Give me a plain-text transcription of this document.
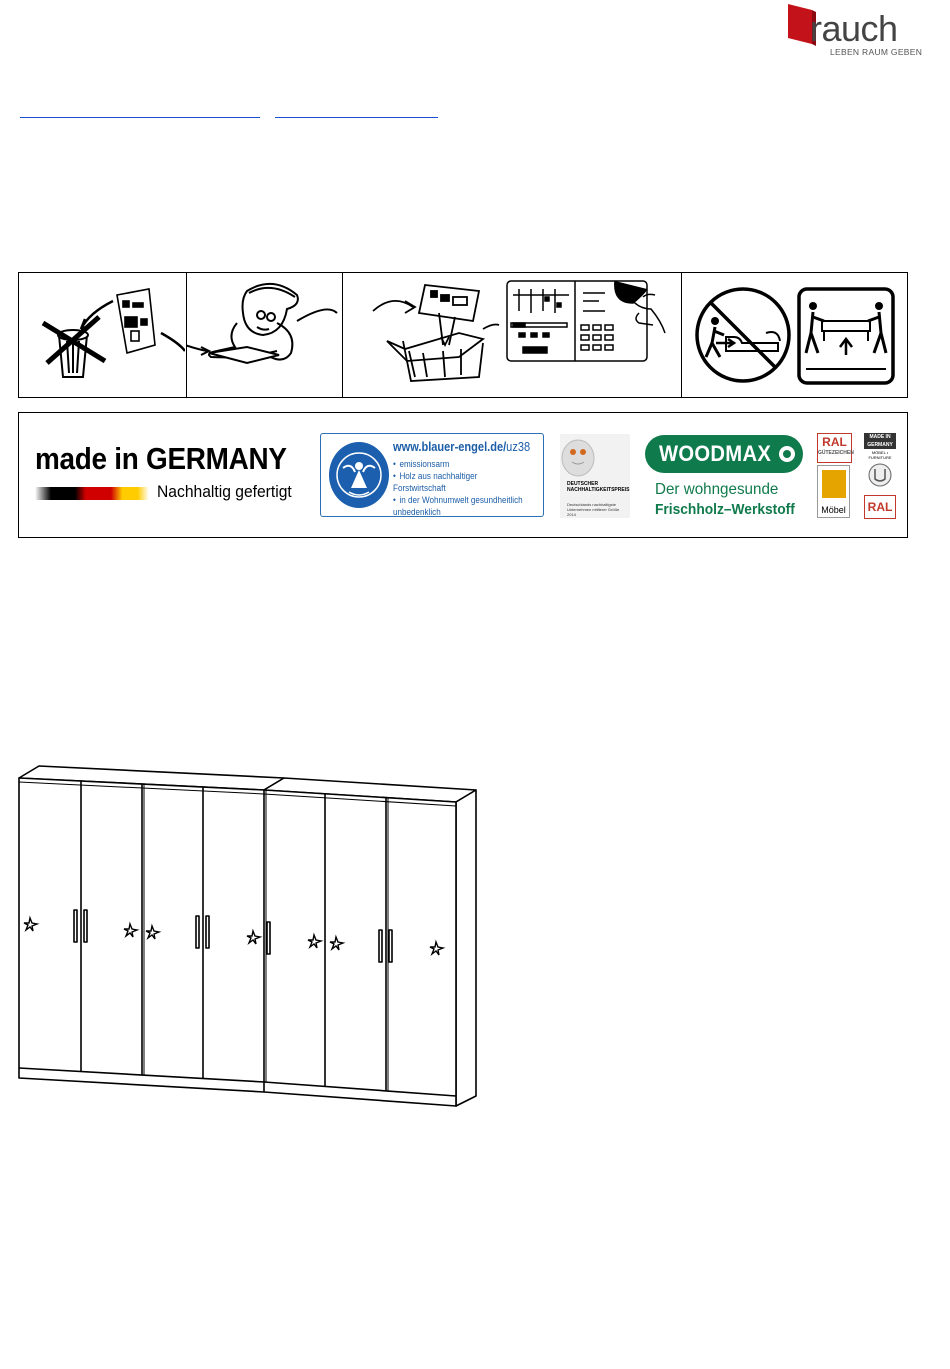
rauch
LEBEN RAUM GEBEN
made in GERMANY
Nachhaltig gefertigt
www.blauer-engel.de/uz38
• emissionsarm
• Holz aus nachhaltiger Forstwirtschaft
• in der Wohnumwelt gesundheitlich unbedenklich
DEUTSCHER NACHHALTIGKEITSPREIS
Deutschlands nachhaltigste Unternehmen mittlerer Größe 2014
WOODMAX
Der wohngesunde
Frischholz–Werkstoff
RAL
GÜTEZEICHEN
Möbel
MADE IN GERMANY
MÖBEL • FURNITURE
RAL
